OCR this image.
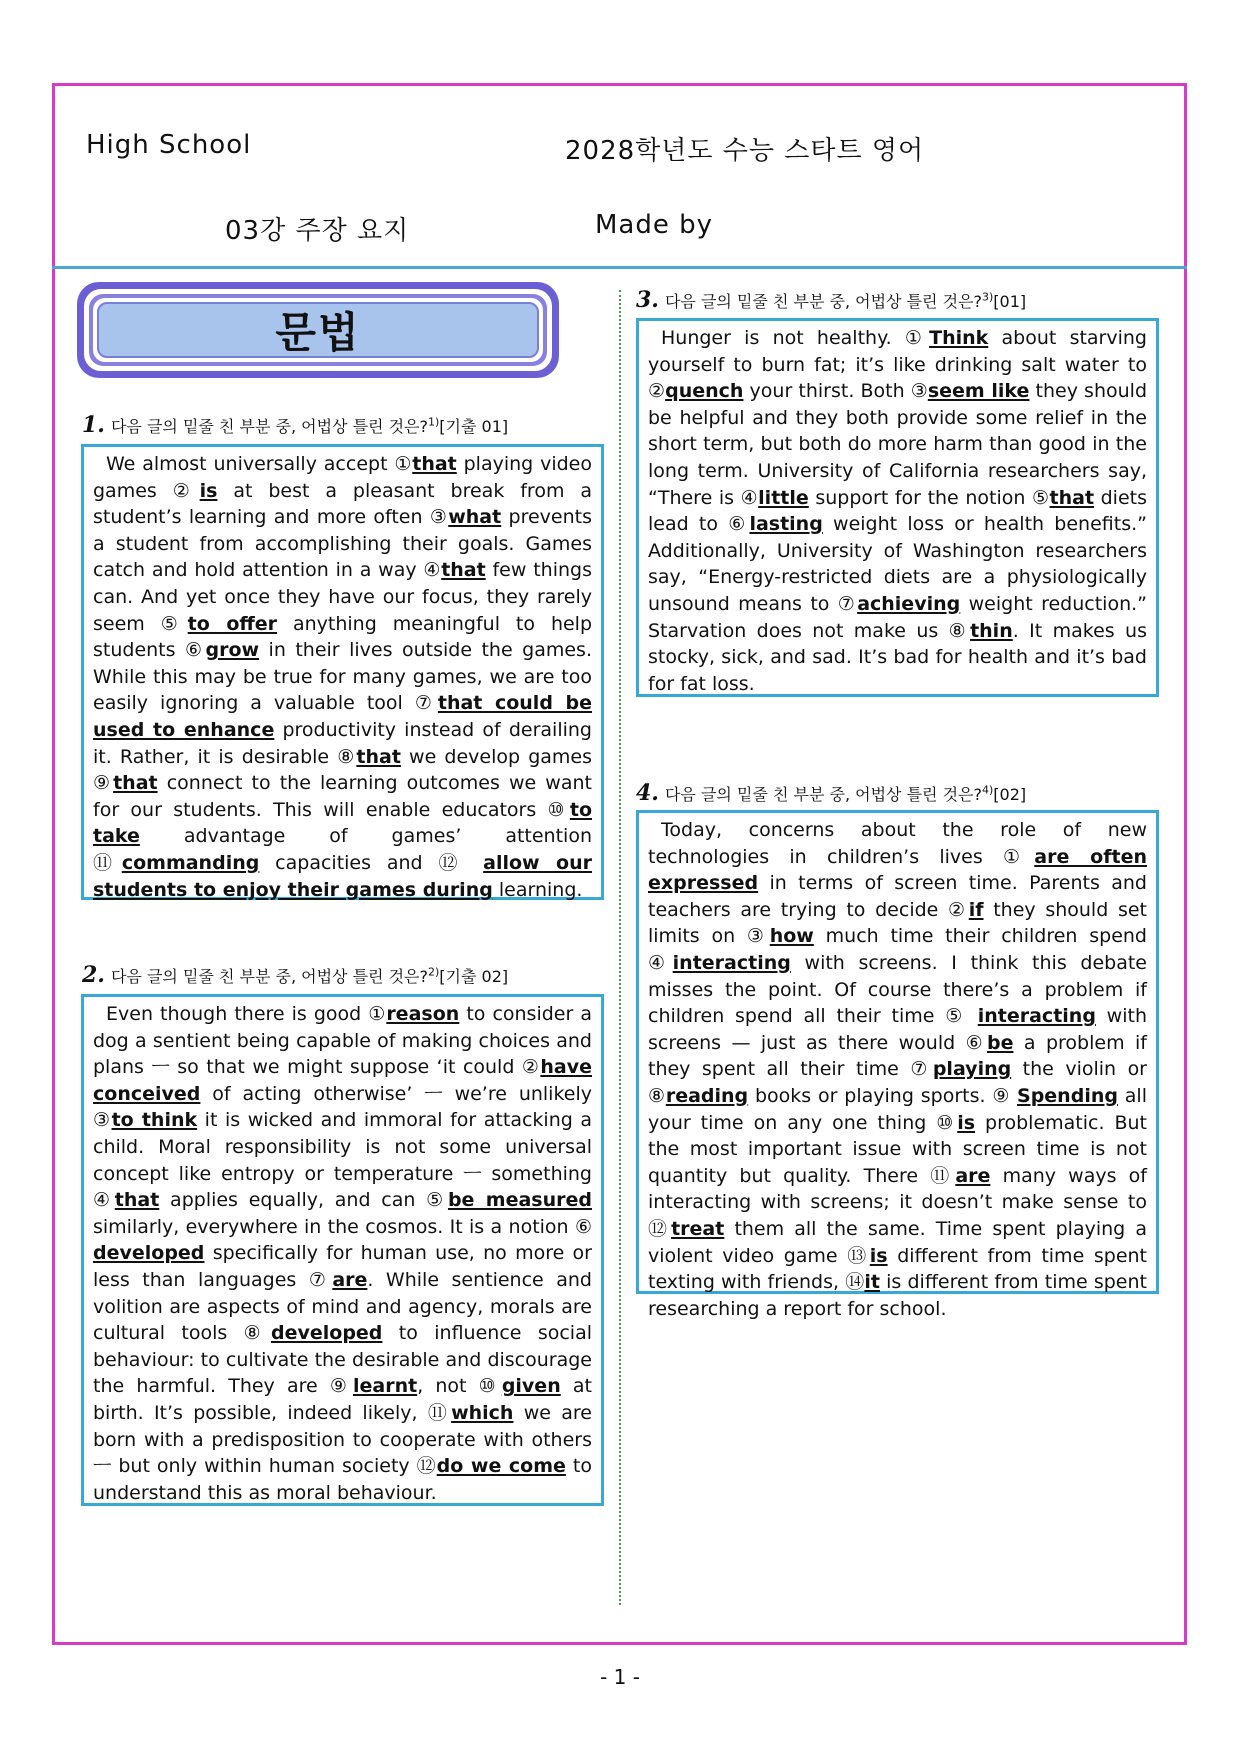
High School	2028학년도 수능 스타트 영어
03강 주장 요지	Made by
문법
1. 다음 글의 밑줄 친 부분 중, 어법상 틀린 것은?$^{1)}$[기출 01]

We almost universally accept ①that playing video games ②is at best a pleasant break from a student’s learning and more often ③what prevents a student from accomplishing their goals. Games catch and hold attention in a way ④that few things can. And yet once they have our focus, they rarely seem ⑤to offer anything meaningful to help students ⑥grow in their lives outside the games. While this may be true for many games, we are too easily ignoring a valuable tool ⑦that could be used to enhance productivity instead of derailing it. Rather, it is desirable ⑧that we develop games ⑨that connect to the learning outcomes we want for our students. This will enable educators ⑩to take advantage of games’ attention ⑪commanding capacities and ⑫ allow our students to enjoy their games during learning.

2. 다음 글의 밑줄 친 부분 중, 어법상 틀린 것은?$^{2)}$[기출 02]

Even though there is good ①reason to consider a dog a sentient being capable of making choices and plans ㅡ so that we might suppose ‘it could ②have conceived of acting otherwise’ ㅡ we’re unlikely ③to think it is wicked and immoral for attacking a child. Moral responsibility is not some universal concept like entropy or temperature ㅡ something ④that applies equally, and can ⑤be measured similarly, everywhere in the cosmos. It is a notion ⑥ developed specifically for human use, no more or less than languages ⑦are. While sentience and volition are aspects of mind and agency, morals are cultural tools ⑧developed to influence social behaviour: to cultivate the desirable and discourage the harmful. They are ⑨learnt, not ⑩given at birth. It’s possible, indeed likely, ⑪which we are born with a predisposition to cooperate with others ㅡ but only within human society ⑫do we come to understand this as moral behaviour.

3. 다음 글의 밑줄 친 부분 중, 어법상 틀린 것은?$^{3)}$[01]

Hunger is not healthy. ①Think about starving yourself to burn fat; it’s like drinking salt water to ②quench your thirst. Both ③seem like they should be helpful and they both provide some relief in the short term, but both do more harm than good in the long term. University of California researchers say, “There is ④little support for the notion ⑤that diets lead to ⑥lasting weight loss or health benefits.” Additionally, University of Washington researchers say, “Energy-restricted diets are a physiologically unsound means to ⑦achieving weight reduction.” Starvation does not make us ⑧thin. It makes us stocky, sick, and sad. It’s bad for health and it’s bad for fat loss.

4. 다음 글의 밑줄 친 부분 중, 어법상 틀린 것은?$^{4)}$[02]

Today, concerns about the role of new technologies in children’s lives ①are often expressed in terms of screen time. Parents and teachers are trying to decide ②if they should set limits on ③how much time their children spend ④interacting with screens. I think this debate misses the point. Of course there’s a problem if children spend all their time ⑤ interacting with screens — just as there would ⑥be a problem if they spent all their time ⑦playing the violin or ⑧reading books or playing sports. ⑨ Spending all your time on any one thing ⑩is problematic. But the most important issue with screen time is not quantity but quality. There ⑪are many ways of interacting with screens; it doesn’t make sense to ⑫treat them all the same. Time spent playing a violent video game ⑬is different from time spent texting with friends, ⑭it is different from time spent researching a report for school.

- 1 -
